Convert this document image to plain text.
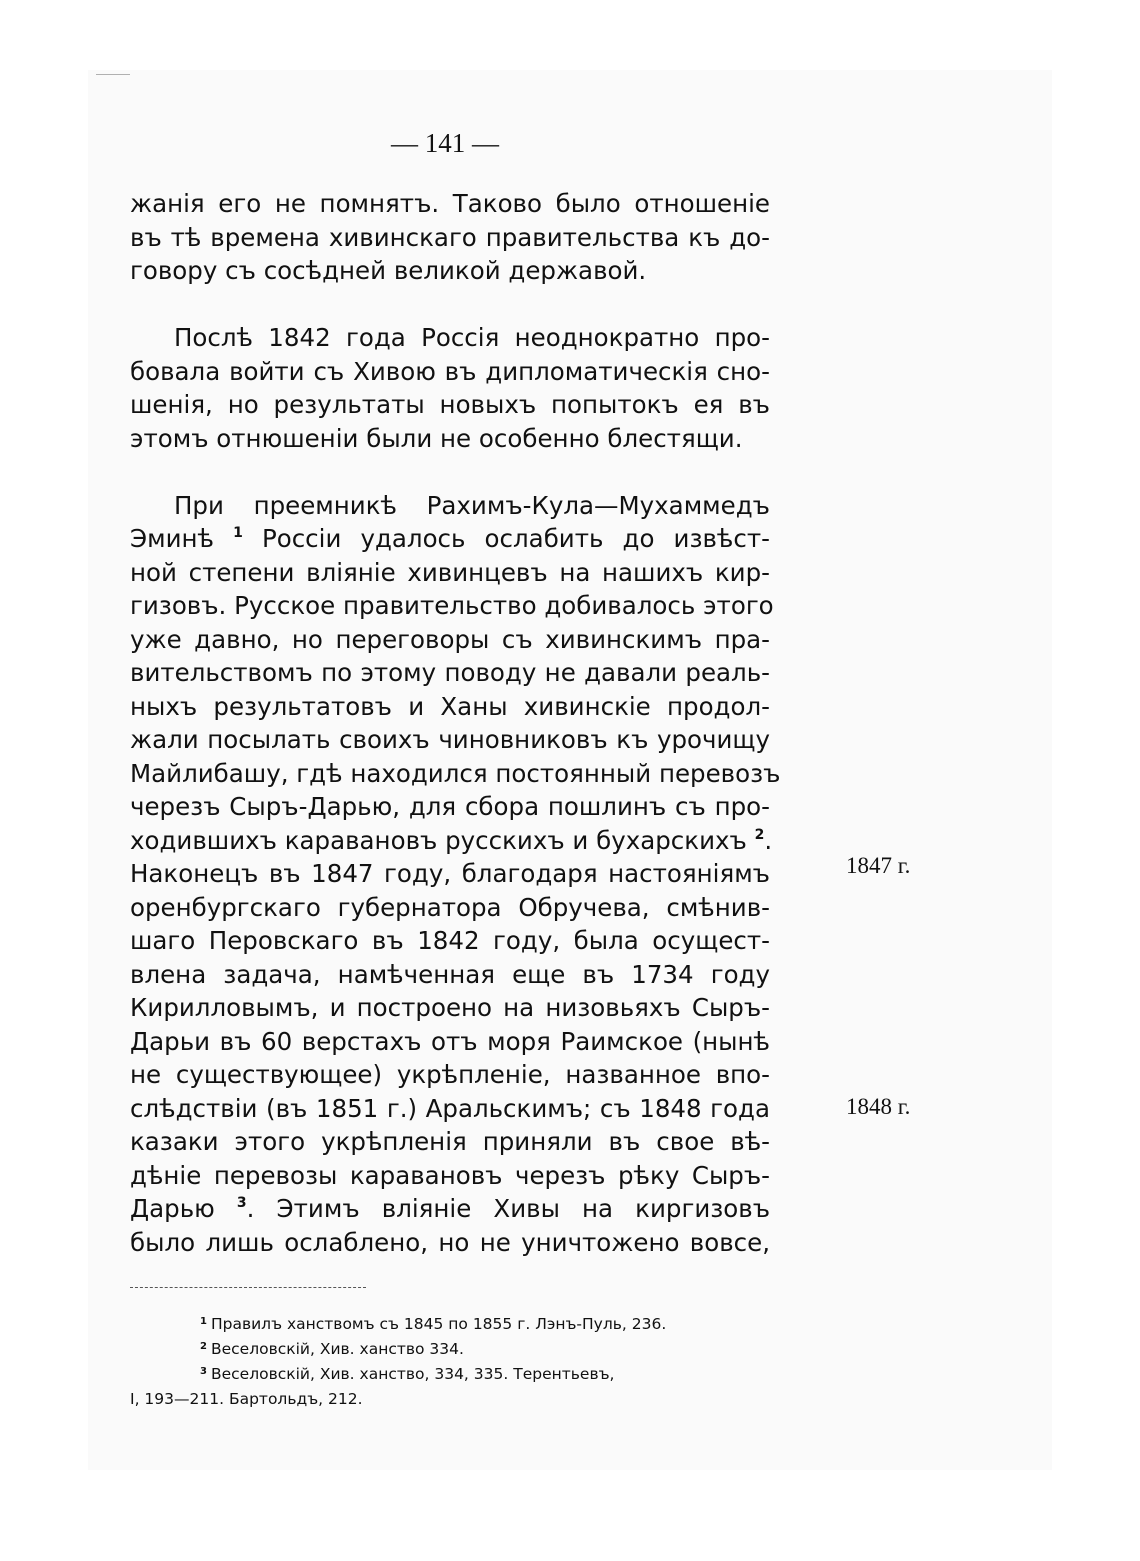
— 141 —
жанія его не помнятъ. Таково было отношеніе
въ тѣ времена хивинскаго правительства къ до-
говору съ сосѣдней великой державой.
Послѣ 1842 года Россія неоднократно про-
бовала войти съ Хивою въ дипломатическія сно-
шенія, но результаты новыхъ попытокъ ея въ
этомъ отнюшеніи были не особенно блестящи.
При преемникѣ Рахимъ-Кула—Мухаммедъ
Эминѣ $^1$ Россіи удалось ослабить до извѣст-
ной степени вліяніе хивинцевъ на нашихъ кир-
гизовъ. Русское правительство добивалось этого
уже давно, но переговоры съ хивинскимъ пра-
вительствомъ по этому поводу не давали реаль-
ныхъ результатовъ и Ханы хивинскіе продол-
жали посылать своихъ чиновниковъ къ урочищу
Майлибашу, гдѣ находился постоянный перевозъ
черезъ Сыръ-Дарью, для сбора пошлинъ съ про-
ходившихъ каравановъ русскихъ и бухарскихъ $^2$.
Наконецъ въ 1847 году, благодаря настояніямъ
оренбургскаго губернатора Обручева, смѣнив-
шаго Перовскаго въ 1842 году, была осущест-
влена задача, намѣченная еще въ 1734 году
Кирилловымъ, и построено на низовьяхъ Сыръ-
Дарьи въ 60 верстахъ отъ моря Раимское (нынѣ
не существующее) укрѣпленіе, названное впо-
слѣдствіи (въ 1851 г.) Аральскимъ; съ 1848 года
казаки этого укрѣпленія приняли въ свое вѣ-
дѣніе перевозы каравановъ черезъ рѣку Сыръ-
Дарью $^3$. Этимъ вліяніе Хивы на киргизовъ
было лишь ослаблено, но не уничтожено вовсе,
1847 г.
1848 г.
$^1$ Правилъ ханствомъ съ 1845 по 1855 г. Лэнъ-Пуль, 236.
$^2$ Веселовскій, Хив. ханство 334.
$^3$ Веселовскій, Хив. ханство, 334, 335. Терентьевъ,
I, 193—211. Бартольдъ, 212.
